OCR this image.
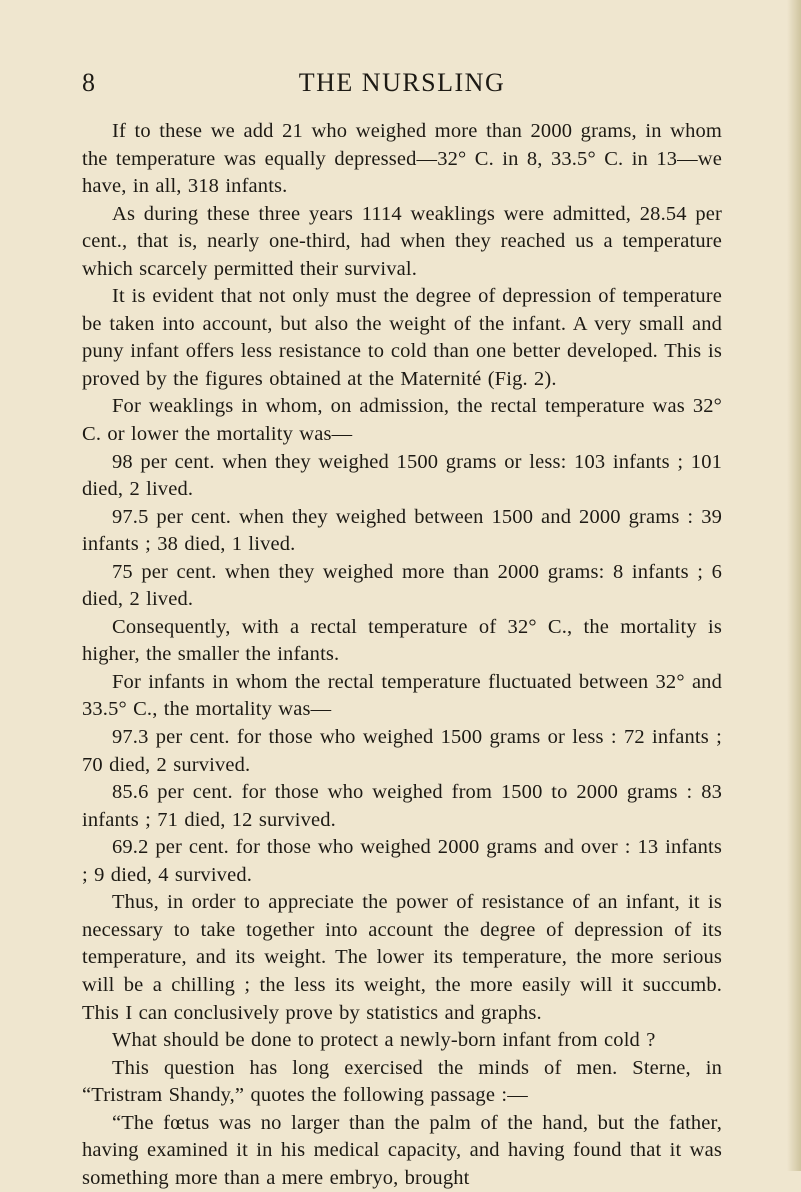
8	THE NURSLING

If to these we add 21 who weighed more than 2000 grams, in whom the temperature was equally depressed—32° C. in 8, 33.5° C. in 13—we have, in all, 318 infants.

As during these three years 1114 weaklings were admitted, 28.54 per cent., that is, nearly one-third, had when they reached us a temperature which scarcely permitted their survival.

It is evident that not only must the degree of depression of temperature be taken into account, but also the weight of the infant. A very small and puny infant offers less resistance to cold than one better developed. This is proved by the figures obtained at the Maternité (Fig. 2).

For weaklings in whom, on admission, the rectal temperature was 32° C. or lower the mortality was—

98 per cent. when they weighed 1500 grams or less: 103 infants ; 101 died, 2 lived.

97.5 per cent. when they weighed between 1500 and 2000 grams : 39 infants ; 38 died, 1 lived.

75 per cent. when they weighed more than 2000 grams: 8 infants ; 6 died, 2 lived.

Consequently, with a rectal temperature of 32° C., the mortality is higher, the smaller the infants.

For infants in whom the rectal temperature fluctuated between 32° and 33.5° C., the mortality was—

97.3 per cent. for those who weighed 1500 grams or less : 72 infants ; 70 died, 2 survived.

85.6 per cent. for those who weighed from 1500 to 2000 grams : 83 infants ; 71 died, 12 survived.

69.2 per cent. for those who weighed 2000 grams and over : 13 infants ; 9 died, 4 survived.

Thus, in order to appreciate the power of resistance of an infant, it is necessary to take together into account the degree of depression of its temperature, and its weight. The lower its temperature, the more serious will be a chilling ; the less its weight, the more easily will it succumb. This I can conclusively prove by statistics and graphs.

What should be done to protect a newly-born infant from cold ?

This question has long exercised the minds of men. Sterne, in “Tristram Shandy,” quotes the following passage :—

“The fœtus was no larger than the palm of the hand, but the father, having examined it in his medical capacity, and having found that it was something more than a mere embryo, brought
